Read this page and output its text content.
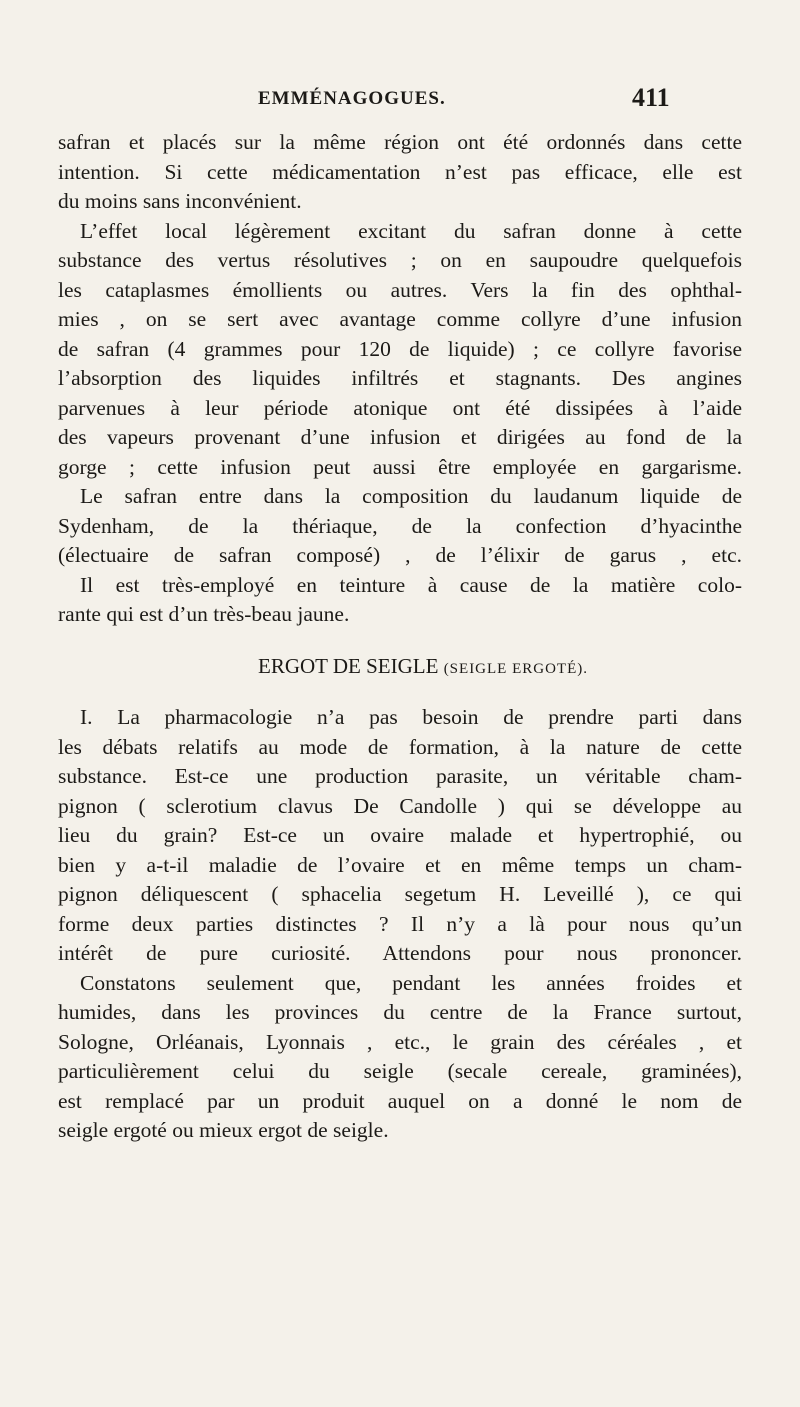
EMMÉNAGOGUES.	411
safran et placés sur la même région ont été ordonnés dans cette
intention. Si cette médicamentation n’est pas efficace, elle est
du moins sans inconvénient.
L’effet local légèrement excitant du safran donne à cette
substance des vertus résolutives ; on en saupoudre quelquefois
les cataplasmes émollients ou autres. Vers la fin des ophthal-
mies , on se sert avec avantage comme collyre d’une infusion
de safran (4 grammes pour 120 de liquide) ; ce collyre favorise
l’absorption des liquides infiltrés et stagnants. Des angines
parvenues à leur période atonique ont été dissipées à l’aide
des vapeurs provenant d’une infusion et dirigées au fond de la
gorge ; cette infusion peut aussi être employée en gargarisme.
Le safran entre dans la composition du laudanum liquide de
Sydenham, de la thériaque, de la confection d’hyacinthe
(électuaire de safran composé) , de l’élixir de garus , etc.
Il est très-employé en teinture à cause de la matière colo-
rante qui est d’un très-beau jaune.
ERGOT DE SEIGLE (SEIGLE ERGOTÉ).
I. La pharmacologie n’a pas besoin de prendre parti dans
les débats relatifs au mode de formation, à la nature de cette
substance. Est-ce une production parasite, un véritable cham-
pignon ( sclerotium clavus De Candolle ) qui se développe au
lieu du grain? Est-ce un ovaire malade et hypertrophié, ou
bien y a-t-il maladie de l’ovaire et en même temps un cham-
pignon déliquescent ( sphacelia segetum H. Leveillé ), ce qui
forme deux parties distinctes ? Il n’y a là pour nous qu’un
intérêt de pure curiosité. Attendons pour nous prononcer.
Constatons seulement que, pendant les années froides et
humides, dans les provinces du centre de la France surtout,
Sologne, Orléanais, Lyonnais , etc., le grain des céréales , et
particulièrement celui du seigle (secale cereale, graminées),
est remplacé par un produit auquel on a donné le nom de
seigle ergoté ou mieux ergot de seigle.
